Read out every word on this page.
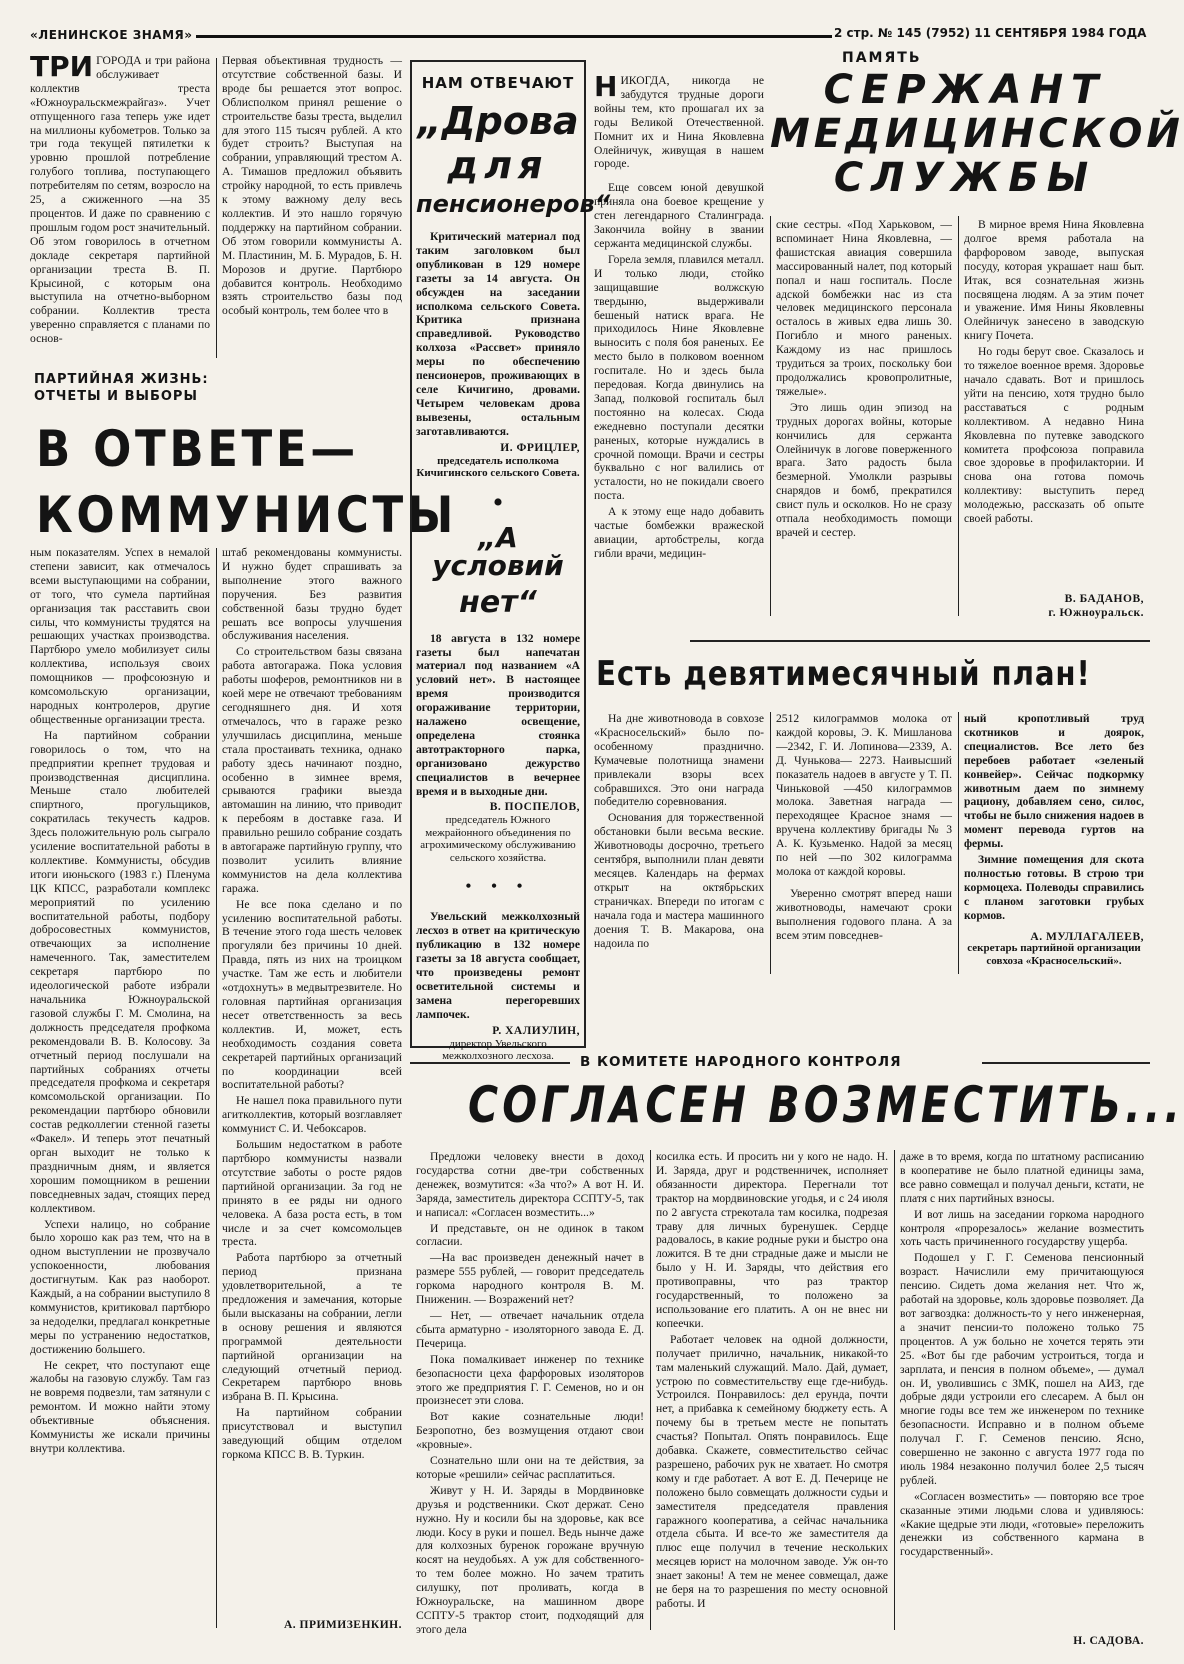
«ЛЕНИНСКОЕ ЗНАМЯ»	2 стр. № 145 (7952) 11 СЕНТЯБРЯ 1984 ГОДА
ТРИ ГОРОДА и три района обслуживает коллектив треста «Южноуральскмежрайгаз». Учет отпущенного газа теперь уже идет на миллионы кубометров. Только за три года текущей пятилетки к уровню прошлой потребление голубого топлива, поступающего потребителям по сетям, возросло на 25, а сжиженного —на 35 процентов. И даже по сравнению с прошлым годом рост значительный. Об этом говорилось в отчетном докладе секретаря партийной организации треста В. П. Крысиной, с которым она выступила на отчетно-выборном собрании. Коллектив треста уверенно справляется с планами по основ-

Первая объективная трудность — отсутствие собственной базы. И вроде бы решается этот вопрос. Облисполком принял решение о строительстве базы треста, выделил для этого 115 тысяч рублей. А кто будет строить? Выступая на собрании, управляющий трестом А. А. Тимашов предложил объявить стройку народной, то есть привлечь к этому важному делу весь коллектив. И это нашло горячую поддержку на партийном собрании. Об этом говорили коммунисты А. М. Пластинин, М. Б. Мурадов, Б. Н. Морозов и другие. Партбюро добавится контроль. Необходимо взять строительство базы под особый контроль, тем более что в

ПАРТИЙНАЯ ЖИЗНЬ:
ОТЧЕТЫ И ВЫБОРЫ
В ОТВЕТЕ—
КОММУНИСТЫ

ным показателям. Успех в немалой степени зависит, как отмечалось всеми выступающими на собрании, от того, что сумела партийная организация так расставить свои силы, что коммунисты трудятся на решающих участках производства. Партбюро умело мобилизует силы коллектива, используя своих помощников — профсоюзную и комсомольскую организации, народных контролеров, другие общественные организации треста.

На партийном собрании говорилось о том, что на предприятии крепнет трудовая и производственная дисциплина. Меньше стало любителей спиртного, прогульщиков, сократилась текучесть кадров. Здесь положительную роль сыграло усиление воспитательной работы в коллективе. Коммунисты, обсудив итоги июньского (1983 г.) Пленума ЦК КПСС, разработали комплекс мероприятий по усилению воспитательной работы, подбору добросовестных коммунистов, отвечающих за исполнение намеченного. Так, заместителем секретаря партбюро по идеологической работе избрали начальника Южноуральской газовой службы Г. М. Смолина, на должность председателя профкома рекомендовали В. В. Колосову. За отчетный период послушали на партийных собраниях отчеты председателя профкома и секретаря комсомольской организации. По рекомендации партбюро обновили состав редколлегии стенной газеты «Факел». И теперь этот печатный орган выходит не только к праздничным дням, и является хорошим помощником в решении повседневных задач, стоящих перед коллективом.

Успехи налицо, но собрание было хорошо как раз тем, что на в одном выступлении не прозвучало успокоенности, любования достигнутым. Как раз наоборот. Каждый, а на собрании выступило 8 коммунистов, критиковал партбюро за недоделки, предлагал конкретные меры по устранению недостатков, достижению большего.

Не секрет, что поступают еще жалобы на газовую службу. Там газ не вовремя подвезли, там затянули с ремонтом. И можно найти этому объективные объяснения. Коммунисты же искали причины внутри коллектива.

штаб рекомендованы коммунисты. И нужно будет спрашивать за выполнение этого важного поручения. Без развития собственной базы трудно будет решать все вопросы улучшения обслуживания населения.

Со строительством базы связана работа автогаража. Пока условия работы шоферов, ремонтников ни в коей мере не отвечают требованиям сегодняшнего дня. И хотя отмечалось, что в гараже резко улучшилась дисциплина, меньше стала простаивать техника, однако работу здесь начинают поздно, особенно в зимнее время, срываются графики выезда автомашин на линию, что приводит к перебоям в доставке газа. И правильно решило собрание создать в автогараже партийную группу, что позволит усилить влияние коммунистов на дела коллектива гаража.

Не все пока сделано и по усилению воспитательной работы. В течение этого года шесть человек прогуляли без причины 10 дней. Правда, пять из них на троицком участке. Там же есть и любители «отдохнуть» в медвытрезвителе. Но головная партийная организация несет ответственность за весь коллектив. И, может, есть необходимость создания совета секретарей партийных организаций по координации всей воспитательной работы?

Не нашел пока правильного пути агитколлектив, который возглавляет коммунист С. И. Чебоксаров.

Большим недостатком в работе партбюро коммунисты назвали отсутствие заботы о росте рядов партийной организации. За год не принято в ее ряды ни одного человека. А база роста есть, в том числе и за счет комсомольцев треста.

Работа партбюро за отчетный период признана удовлетворительной, а те предложения и замечания, которые были высказаны на собрании, легли в основу решения и являются программой деятельности партийной организации на следующий отчетный период. Секретарем партбюро вновь избрана В. П. Крысина.

На партийном собрании присутствовал и выступил заведующий общим отделом горкома КПСС В. В. Туркин.

А. ПРИМИЗЕНКИН.
НАМ ОТВЕЧАЮТ
„Дрова
для
пенсионеров“

Критический материал под таким заголовком был опубликован в 129 номере газеты за 14 августа. Он обсужден на заседании исполкома сельского Совета. Критика признана справедливой. Руководство колхоза «Рассвет» приняло меры по обеспечению пенсионеров, проживающих в селе Кичигино, дровами. Четырем человекам дрова вывезены, остальным заготавливаются.

И. ФРИЦЛЕР,
председатель исполкома Кичигинского сельского Совета.
•
„А условий
нет“

18 августа в 132 номере газеты был напечатан материал под названием «А условий нет». В настоящее время производится огораживание территории, налажено освещение, определена стоянка автотракторного парка, организовано дежурство специалистов в вечернее время и в выходные дни.

В. ПОСПЕЛОВ,
председатель Южного межрайонного объединения по агрохимическому обслуживанию сельского хозяйства.
• • •

Увельский межколхозный лесхоз в ответ на критическую публикацию в 132 номере газеты за 18 августа сообщает, что произведены ремонт осветительной системы и замена перегоревших лампочек.

Р. ХАЛИУЛИН,
директор Увельского межколхозного лесхоза.
ПАМЯТЬ
СЕРЖАНТ
МЕДИЦИНСКОЙ
СЛУЖБЫ
НИКОГДА, никогда не забудутся трудные дороги войны тем, кто прошагал их за годы Великой Отечественной. Помнит их и Нина Яковлевна Олейничук, живущая в нашем городе.

Еще совсем юной девушкой приняла она боевое крещение у стен легендарного Сталинграда. Закончила войну в звании сержанта медицинской службы.

Горела земля, плавился металл. И только люди, стойко защищавшие волжскую твердыню, выдерживали бешеный натиск врага. Не приходилось Нине Яковлевне выносить с поля боя раненых. Ее место было в полковом военном госпитале. Но и здесь была передовая. Когда двинулись на Запад, полковой госпиталь был постоянно на колесах. Сюда ежедневно поступали десятки раненых, которые нуждались в срочной помощи. Врачи и сестры буквально с ног валились от усталости, но не покидали своего поста.

А к этому еще надо добавить частые бомбежки вражеской авиации, артобстрелы, когда гибли врачи, медицин-

ские сестры. «Под Харьковом, — вспоминает Нина Яковлевна, — фашистская авиация совершила массированный налет, под который попал и наш госпиталь. После адской бомбежки нас из ста человек медицинского персонала осталось в живых едва лишь 30. Погибло и много раненых. Каждому из нас пришлось трудиться за троих, поскольку бои продолжались кровопролитные, тяжелые».

Это лишь один эпизод на трудных дорогах войны, которые кончились для сержанта Олейничук в логове поверженного врага. Зато радость была безмерной. Умолкли разрывы снарядов и бомб, прекратился свист пуль и осколков. Но не сразу отпала необходимость помощи врачей и сестер.

В мирное время Нина Яковлевна долгое время работала на фарфоровом заводе, выпуская посуду, которая украшает наш быт. Итак, вся сознательная жизнь посвящена людям. А за этим почет и уважение. Имя Нины Яковлевны Олейничук занесено в заводскую книгу Почета.

Но годы берут свое. Сказалось и то тяжелое военное время. Здоровье начало сдавать. Вот и пришлось уйти на пенсию, хотя трудно было расставаться с родным коллективом. А недавно Нина Яковлевна по путевке заводского комитета профсоюза поправила свое здоровье в профилактории. И снова она готова помочь коллективу: выступить перед молодежью, рассказать об опыте своей работы.

В. БАДАНОВ,
г. Южноуральск.
Есть девятимесячный план!

На дне животновода в совхозе «Красносельский» было по-особенному празднично. Кумачевые полотнища знамени привлекали взоры всех собравшихся. Это они награда победителю соревнования.

Основания для торжественной обстановки были весьма веские. Животноводы досрочно, третьего сентября, выполнили план девяти месяцев. Календарь на фермах открыт на октябрьских страничках. Впереди по итогам с начала года и мастера машинного доения Т. В. Макарова, она надоила по

2512 килограммов молока от каждой коровы, Э. К. Мишланова—2342, Г. И. Лопинова—2339, А. Д. Чунькова— 2273. Наивысший показатель надоев в августе у Т. П. Чиньковой —450 килограммов молока. Заветная награда —переходящее Красное знамя — вручена коллективу бригады № 3 А. К. Кузьменко. Надой за месяц по ней —по 302 килограмма молока от каждой коровы.

Уверенно смотрят вперед наши животноводы, намечают сроки выполнения годового плана. А за всем этим повседнев-

ный кропотливый труд скотников и доярок, специалистов. Все лето без перебоев работает «зеленый конвейер». Сейчас подкормку животным даем по зимнему рациону, добавляем сено, силос, чтобы не было снижения надоев в момент перевода гуртов на фермы.

Зимние помещения для скота полностью готовы. В строю три кормоцеха. Полеводы справились с планом заготовки грубых кормов.

А. МУЛЛАГАЛЕЕВ,
секретарь партийной организации совхоза «Красносельский».
В КОМИТЕТЕ НАРОДНОГО КОНТРОЛЯ
СОГЛАСЕН ВОЗМЕСТИТЬ...

Предложи человеку внести в доход государства сотни две-три собственных денежек, возмутится: «За что?» А вот Н. И. Заряда, заместитель директора ССПТУ-5, так и написал: «Согласен возместить...»

И представьте, он не одинок в таком согласии.

—На вас произведен денежный начет в размере 555 рублей, — говорит председатель горкома народного контроля В. М. Пниженин. — Возражений нет?

— Нет, — отвечает начальник отдела сбыта арматурно - изоляторного завода Е. Д. Печерица.

Пока помалкивает инженер по технике безопасности цеха фарфоровых изоляторов этого же предприятия Г. Г. Семенов, но и он произнесет эти слова.

Вот какие сознательные люди! Безропотно, без возмущения отдают свои «кровные».

Сознательно шли они на те действия, за которые «решили» сейчас расплатиться.

Живут у Н. И. Заряды в Мордвиновке друзья и родственники. Скот держат. Сено нужно. Ну и косили бы на здоровье, как все люди. Косу в руки и пошел. Ведь нынче даже для колхозных буренок горожане вручную косят на неудобьях. А уж для собственного-то тем более можно. Но зачем тратить силушку, пот проливать, когда в Южноуральске, на машинном дворе ССПТУ-5 трактор стоит, подходящий для этого дела

косилка есть. И просить ни у кого не надо. Н. И. Заряда, друг и родственничек, исполняет обязанности директора. Перегнали тот трактор на мордвиновские угодья, и с 24 июля по 2 августа стрекотала там косилка, подрезая траву для личных буренушек. Сердце радовалось, в какие родные руки и быстро она ложится. В те дни страдные даже и мысли не было у Н. И. Заряды, что действия его противоправны, что раз трактор государственный, то положено за использование его платить. А он не внес ни копеечки.

Работает человек на одной должности, получает прилично, начальник, никакой-то там маленький служащий. Мало. Дай, думает, устрою по совместительству еще где-нибудь. Устроился. Понравилось: дел ерунда, почти нет, а прибавка к семейному бюджету есть. А почему бы в третьем месте не попытать счастья? Попытал. Опять понравилось. Еще добавка. Скажете, совместительство сейчас разрешено, рабочих рук не хватает. Но смотря кому и где работает. А вот Е. Д. Печерице не положено было совмещать должности судьи и заместителя председателя правления гаражного кооператива, а сейчас начальника отдела сбыта. И все-то же заместителя да плюс еще получил в течение нескольких месяцев юрист на молочном заводе. Уж он-то знает законы! А тем не менее совмещал, даже не беря на то разрешения по месту основной работы. И

даже в то время, когда по штатному расписанию в кооперативе не было платной единицы зама, все равно совмещал и получал деньги, кстати, не платя с них партийных взносы.

И вот лишь на заседании горкома народного контроля «прорезалось» желание возместить хоть часть причиненного государству ущерба.

Подошел у Г. Г. Семенова пенсионный возраст. Начислили ему причитающуюся пенсию. Сидеть дома желания нет. Что ж, работай на здоровье, коль здоровье позволяет. Да вот загвоздка: должность-то у него инженерная, а значит пенсии-то положено только 75 процентов. А уж больно не хочется терять эти 25. «Вот бы где рабочим устроиться, тогда и зарплата, и пенсия в полном объеме», — думал он. И, уволившись с ЗМК, пошел на АИЗ, где добрые дяди устроили его слесарем. А был он многие годы все тем же инженером по технике безопасности. Исправно и в полном объеме получал Г. Г. Семенов пенсию. Ясно, совершенно не законно с августа 1977 года по июль 1984 незаконно получил более 2,5 тысяч рублей.

«Согласен возместить» — повторяю все трое сказанные этими людьми слова и удивляюсь: «Какие щедрые эти люди, «готовые» переложить денежки из собственного кармана в государственный».

Н. САДОВА.
